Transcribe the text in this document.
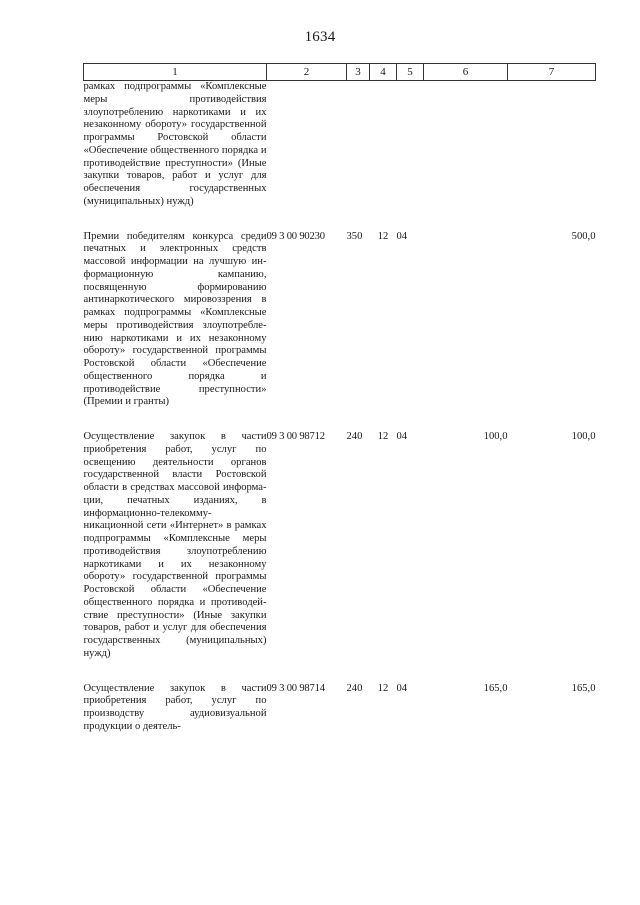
1634
1	2	3	4	5	6	7
рамках подпрограммы «Комплексные меры противодействия злоупотреблению наркотиками и их незаконному обороту» государственной программы Ростовской области «Обеспечение общественного порядка и противодействие преступности» (Иные закупки товаров, работ и услуг для обеспечения государственных (муниципальных) нужд)						

Премии победителям конкурса среди печатных и электронных средств массовой информации на лучшую информационную кампанию, посвященную формированию антинаркотического мировоззрения в рамках подпрограммы «Комплексные меры противодействия злоупотреблению наркотиками и их незаконному обороту» государственной программы Ростовской области «Обеспечение общественного порядка и противодействие преступности» (Премии и гранты)	09 3 00 90230	350	12	04		500,0

Осуществление закупок в части приобретения работ, услуг по освещению деятельности органов государственной власти Ростовской области в средствах массовой информации, печатных изданиях, в информационно-телекоммуникационной сети «Интернет» в рамках подпрограммы «Комплексные меры противодействия злоупотреблению наркотиками и их незаконному обороту» государственной программы Ростовской области «Обеспечение общественного порядка и противодействие преступности» (Иные закупки товаров, работ и услуг для обеспечения государственных (муниципальных) нужд)	09 3 00 98712	240	12	04	100,0	100,0

Осуществление закупок в части приобретения работ, услуг по производству аудиовизуальной продукции о деятель-	09 3 00 98714	240	12	04	165,0	165,0
